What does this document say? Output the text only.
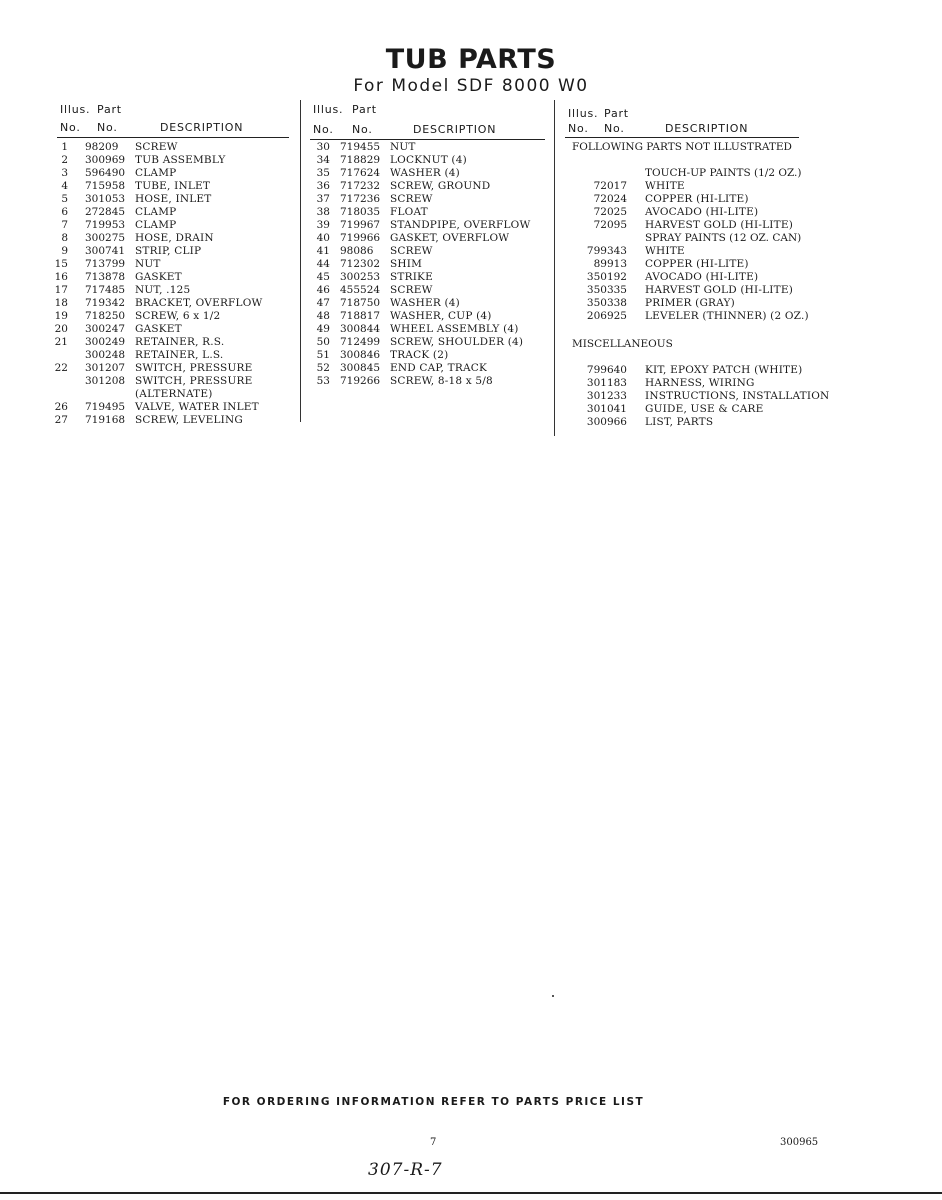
TUB PARTS
For Model SDF 8000 W0
Illus. Part
No. No.	DESCRIPTION
1 98209 SCREW
2 300969 TUB ASSEMBLY
3 596490 CLAMP
4 715958 TUBE, INLET
5 301053 HOSE, INLET
6 272845 CLAMP
7 719953 CLAMP
8 300275 HOSE, DRAIN
9 300741 STRIP, CLIP
15 713799 NUT
16 713878 GASKET
17 717485 NUT, .125
18 719342 BRACKET, OVERFLOW
19 718250 SCREW, 6 x 1/2
20 300247 GASKET
21 300249 RETAINER, R.S.
300248 RETAINER, L.S.
22 301207 SWITCH, PRESSURE
301208 SWITCH, PRESSURE
(ALTERNATE)
26 719495 VALVE, WATER INLET
27 719168 SCREW, LEVELING
Illus. Part
No. No.	DESCRIPTION
30 719455 NUT
34 718829 LOCKNUT (4)
35 717624 WASHER (4)
36 717232 SCREW, GROUND
37 717236 SCREW
38 718035 FLOAT
39 719967 STANDPIPE, OVERFLOW
40 719966 GASKET, OVERFLOW
41 98086 SCREW
44 712302 SHIM
45 300253 STRIKE
46 455524 SCREW
47 718750 WASHER (4)
48 718817 WASHER, CUP (4)
49 300844 WHEEL ASSEMBLY (4)
50 712499 SCREW, SHOULDER (4)
51 300846 TRACK (2)
52 300845 END CAP, TRACK
53 719266 SCREW, 8-18 x 5/8
Illus. Part
No. No.	DESCRIPTION
FOLLOWING PARTS NOT ILLUSTRATED
TOUCH-UP PAINTS (1/2 OZ.)
72017 WHITE
72024 COPPER (HI-LITE)
72025 AVOCADO (HI-LITE)
72095 HARVEST GOLD (HI-LITE)
SPRAY PAINTS (12 OZ. CAN)
799343 WHITE
89913 COPPER (HI-LITE)
350192 AVOCADO (HI-LITE)
350335 HARVEST GOLD (HI-LITE)
350338 PRIMER (GRAY)
206925 LEVELER (THINNER) (2 OZ.)
MISCELLANEOUS
799640 KIT, EPOXY PATCH (WHITE)
301183 HARNESS, WIRING
301233 INSTRUCTIONS, INSTALLATION
301041 GUIDE, USE & CARE
300966 LIST, PARTS
FOR ORDERING INFORMATION REFER TO PARTS PRICE LIST
7	300965
307-R-7
